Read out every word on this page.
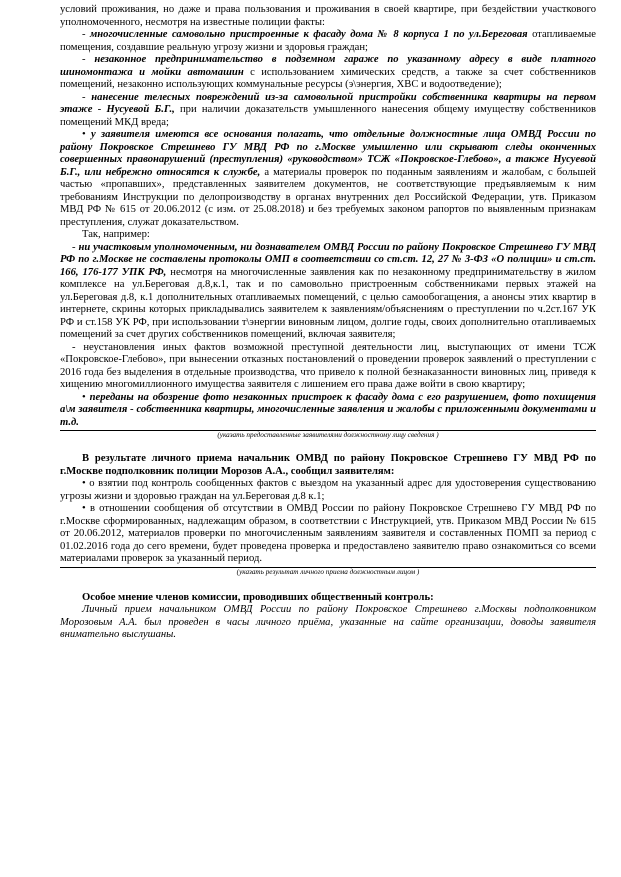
условий проживания, но даже и права пользования и проживания в своей квартире, при бездействии участкового уполномоченного, несмотря на известные полиции факты:

- многочисленные самовольно пристроенные к фасаду дома № 8 корпуса 1 по ул.Береговая отапливаемые помещения, создавшие реальную угрозу жизни и здоровья граждан;

- незаконное предпринимательство в подземном гараже по указанному адресу в виде платного шиномонтажа и мойки автомашин с использованием химических средств, а также за счет собственников помещений, незаконно использующих коммунальные ресурсы (э\энергия, ХВС и водоотведение);

- нанесение телесных повреждений из-за самовольной пристройки собственника квартиры на первом этаже - Нусуевой Б.Г., при наличии доказательств умышленного нанесения общему имуществу собственников помещений МКД вреда;

• у заявителя имеются все основания полагать, что отдельные должностные лица ОМВД России по району Покровское Стрешнево ГУ МВД РФ по г.Москве умышленно или скрывают следы оконченных совершенных правонарушений (преступления) «руководством» ТСЖ «Покровское-Глебово», а также Нусуевой Б.Г., или небрежно относятся к службе, а материалы проверок по поданным заявлениям и жалобам, с большей частью «пропавших», представленных заявителем документов, не соответствующие предъявляемым к ним требованиям Инструкции по делопроизводству в органах внутренних дел Российской Федерации, утв. Приказом МВД РФ № 615 от 20.06.2012 (с изм. от 25.08.2018) и без требуемых законом рапортов по выявленным признакам преступления, служат доказательством.

Так, например:

- ни участковым уполномоченным, ни дознавателем ОМВД России по району Покровское Стрешнево ГУ МВД РФ по г.Москве не составлены протоколы ОМП в соответствии со ст.ст. 12, 27 № 3-ФЗ «О полиции» и ст.ст. 166, 176-177 УПК РФ, несмотря на многочисленные заявления как по незаконному предпринимательству в жилом комплексе на ул.Береговая д.8,к.1, так и по самовольно пристроенным собственниками первых этажей на ул.Береговая д.8, к.1 дополнительных отапливаемых помещений, с целью самообогащения, а анонсы этих квартир в интернете, скрины которых прикладывались заявителем к заявлениям/объяснениям о преступлении по ч.2ст.167 УК РФ и ст.158 УК РФ, при использовании т\энергии виновным лицом, долгие годы, своих дополнительно отапливаемых помещений за счет других собственников помещений, включая заявителя;

- неустановления иных фактов возможной преступной деятельности лиц, выступающих от имени ТСЖ «Покровское-Глебово», при вынесении отказных постановлений о проведении проверок заявлений о преступлении с 2016 года без выделения в отдельные производства, что привело к полной безнаказанности виновных лиц, приведя к хищению многомиллионного имущества заявителя с лишением его права даже войти в свою квартиру;

• переданы на обозрение фото незаконных пристроек к фасаду дома с его разрушением, фото похищения а\м заявителя - собственника квартиры, многочисленные заявления и жалобы с приложенными документами и т.д.

(указать предоставленные заявителями должностному лицу сведения )

В результате личного приема начальник ОМВД по району Покровское Стрешнево ГУ МВД РФ по г.Москве подполковник полиции Морозов А.А., сообщил заявителям:

• о взятии под контроль сообщенных фактов с выездом на указанный адрес для удостоверения существованию угрозы жизни и здоровью граждан на ул.Береговая д.8 к.1;

• в отношении сообщения об отсутствии в ОМВД России по району Покровское Стрешнево ГУ МВД РФ по г.Москве сформированных, надлежащим образом, в соответствии с Инструкцией, утв. Приказом МВД России № 615 от 20.06.2012, материалов проверки по многочисленным заявлениям заявителя и составленных ПОМП за период с 01.02.2016 года до сего времени, будет проведена проверка и предоставлено заявителю право ознакомиться со всеми материалами проверок за указанный период.

(указать результат личного приема должностным лицом )

Особое мнение членов комиссии, проводивших общественный контроль:

Личный прием начальником ОМВД России по району Покровское Стрешнево г.Москвы подполковником Морозовым А.А. был проведен в часы личного приёма, указанные на сайте организации, доводы заявителя внимательно выслушаны.
